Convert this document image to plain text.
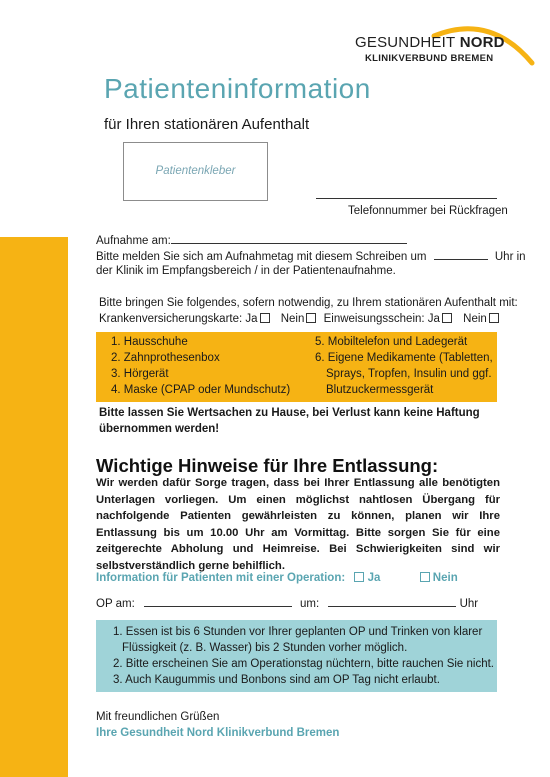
GESUNDHEIT NORD
KLINIKVERBUND BREMEN
Patienteninformation
für Ihren stationären Aufenthalt
Patientenkleber
Telefonnummer bei Rückfragen
Aufnahme am:
Bitte melden Sie sich am Aufnahmetag mit diesem Schreiben um	Uhr in
der Klinik im Empfangsbereich / in der Patientenaufnahme.
Bitte bringen Sie folgendes, sofern notwendig, zu Ihrem stationären Aufenthalt mit:
Krankenversicherungskarte: Ja Nein Einweisungsschein: Ja Nein
1. Hausschuhe
2. Zahnprothesenbox
3. Hörgerät
4. Maske (CPAP oder Mundschutz)
5. Mobiltelefon und Ladegerät
6. Eigene Medikamente (Tabletten,
Sprays, Tropfen, Insulin und ggf.
Blutzuckermessgerät
Bitte lassen Sie Wertsachen zu Hause, bei Verlust kann keine Haftung
übernommen werden!
Wichtige Hinweise für Ihre Entlassung:
Wir werden dafür Sorge tragen, dass bei Ihrer Entlassung alle benötigten Unterlagen vorliegen. Um einen möglichst nahtlosen Übergang für nachfolgende Patienten gewährleisten zu können, planen wir Ihre Entlassung bis um 10.00 Uhr am Vormittag. Bitte sorgen Sie für eine zeitgerechte Abholung und Heimreise. Bei Schwierigkeiten sind wir selbstverständlich gerne behilflich.
Information für Patienten mit einer Operation: Ja	Nein
OP am:	um:	Uhr
1. Essen ist bis 6 Stunden vor Ihrer geplanten OP und Trinken von klarer
Flüssigkeit (z. B. Wasser) bis 2 Stunden vorher möglich.
2. Bitte erscheinen Sie am Operationstag nüchtern, bitte rauchen Sie nicht.
3. Auch Kaugummis und Bonbons sind am OP Tag nicht erlaubt.
Mit freundlichen Grüßen
Ihre Gesundheit Nord Klinikverbund Bremen
